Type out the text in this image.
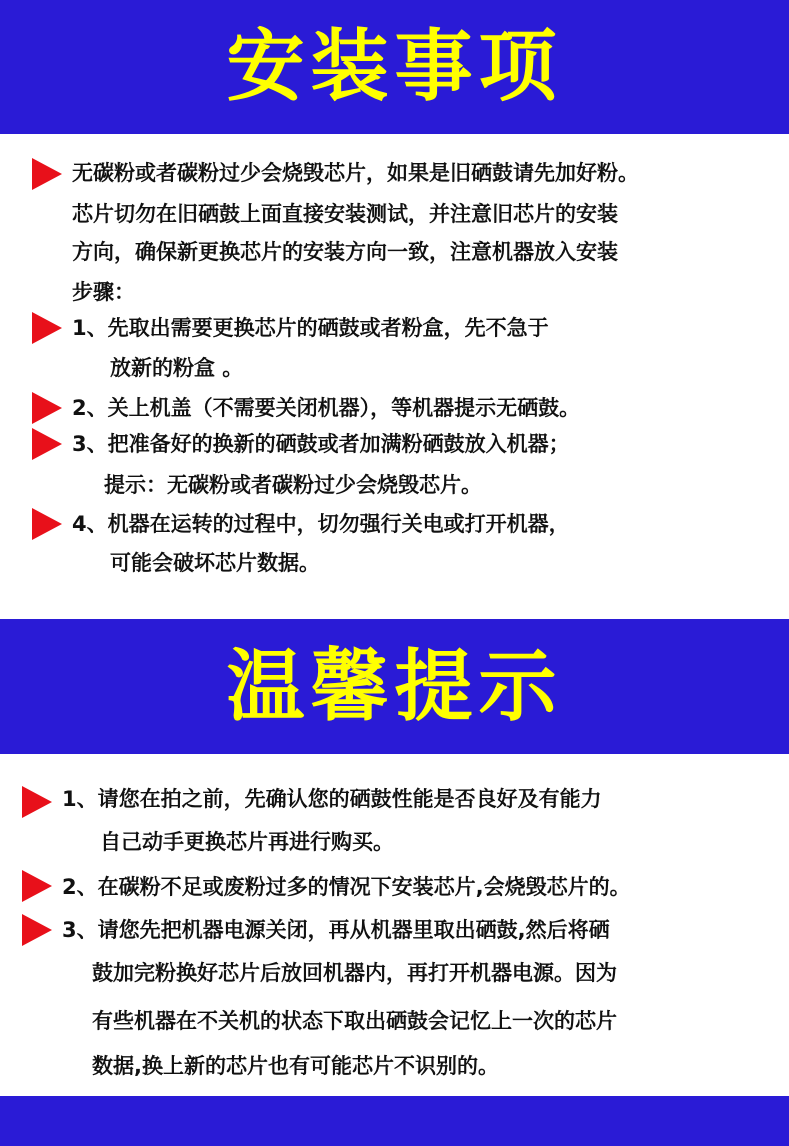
安装事项
无碳粉或者碳粉过少会烧毁芯片，如果是旧硒鼓请先加好粉。
芯片切勿在旧硒鼓上面直接安装测试，并注意旧芯片的安装
方向，确保新更换芯片的安装方向一致，注意机器放入安装
步骤：
1、先取出需要更换芯片的硒鼓或者粉盒，先不急于
放新的粉盒 。
2、关上机盖（不需要关闭机器），等机器提示无硒鼓。
3、把准备好的换新的硒鼓或者加满粉硒鼓放入机器；
提示：无碳粉或者碳粉过少会烧毁芯片。
4、机器在运转的过程中，切勿强行关电或打开机器，
可能会破坏芯片数据。
温馨提示
1、请您在拍之前，先确认您的硒鼓性能是否良好及有能力
自己动手更换芯片再进行购买。
2、在碳粉不足或废粉过多的情况下安装芯片,会烧毁芯片的。
3、请您先把机器电源关闭，再从机器里取出硒鼓,然后将硒
鼓加完粉换好芯片后放回机器内，再打开机器电源。因为
有些机器在不关机的状态下取出硒鼓会记忆上一次的芯片
数据,换上新的芯片也有可能芯片不识别的。
